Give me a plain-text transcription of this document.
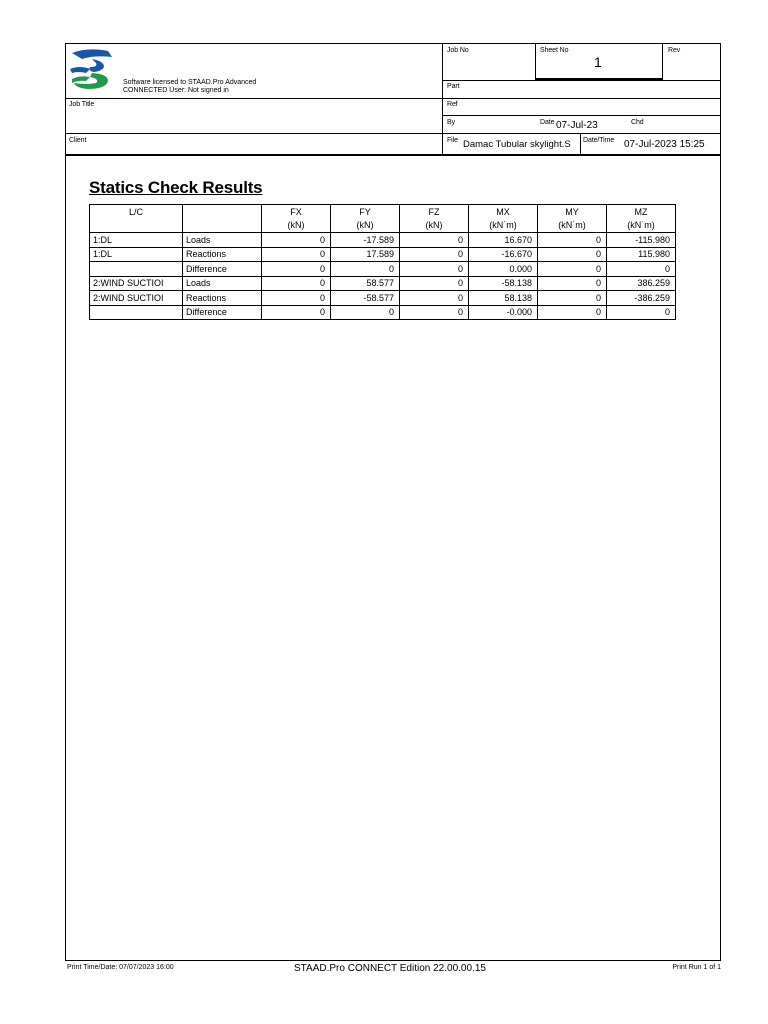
Software licensed to STAAD.Pro Advanced
CONNECTED User: Not signed in
Job No	Sheet No
1
Rev
Part
Job Title	Ref
By	Date 07-Jul-23	Chd
Client	File Damac Tubular skylight.S	Date/Time 07-Jul-2023 15:25
Statics Check Results
L/C		FX	FY	FZ	MX	MY	MZ
		(kN)	(kN)	(kN)	(kN˙m)	(kN˙m)	(kN˙m)
1:DL	Loads	0	-17.589	0	16.670	0	-115.980
1:DL	Reactions	0	17.589	0	-16.670	0	115.980
	Difference	0	0	0	0.000	0	0
2:WIND SUCTIOI	Loads	0	58.577	0	-58.138	0	386.259
2:WIND SUCTIOI	Reactions	0	-58.577	0	58.138	0	-386.259
	Difference	0	0	0	-0.000	0	0
Print Time/Date: 07/07/2023 16:00	STAAD.Pro CONNECT Edition 22.00.00.15	Print Run 1 of 1
